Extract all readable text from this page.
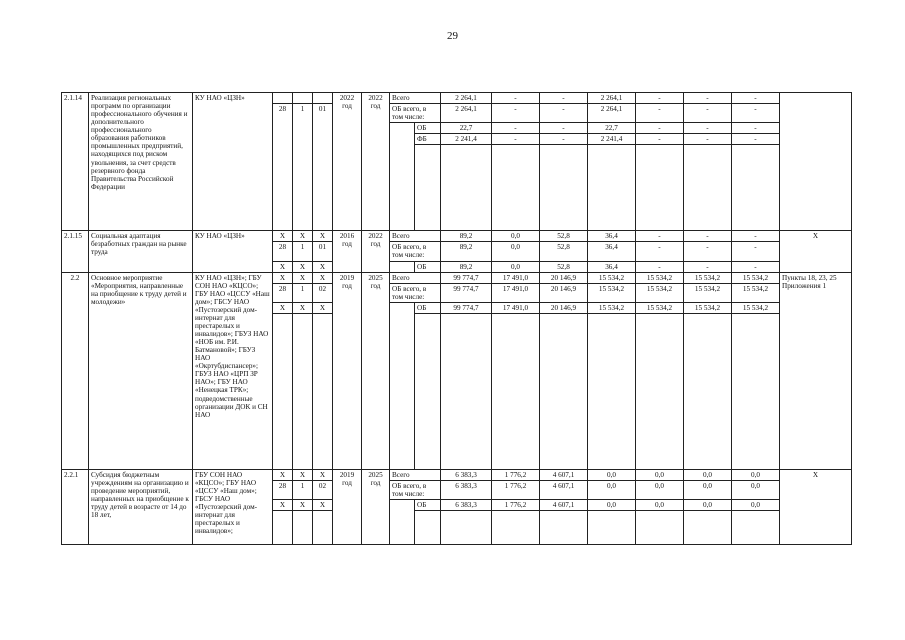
29
2.1.14	Реализация региональных программ по организации профессионального обучения и дополнительного профессионального образования работников промышленных предприятий, находящихся под риском увольнения, за счет средств резервного фонда Правительства Российской Федерации	КУ НАО «ЦЗН»				2022 год	2022 год	Всего		2 264,1	-	-	2 264,1	-	-	-	
			28	1	01			ОБ всего, в том числе:		2 264,1	-	-	2 264,1	-	-	-	
									ОБ	22,7	-	-	22,7	-	-	-	
									ФБ	2 241,4	-	-	2 241,4	-	-	-	

2.1.15	Социальная адаптация безработных граждан на рынке труда	КУ НАО «ЦЗН»	Х	Х	Х	2016 год	2022 год	Всего		89,2	0,0	52,8	36,4	-	-	-	Х
			28	1	01			ОБ всего, в том числе:		89,2	0,0	52,8	36,4	-	-	-	
			Х	Х	Х				ОБ	89,2	0,0	52,8	36,4	-	-	-	
2.2	Основное мероприятие «Мероприятия, направленные на приобщение к труду детей и молодежи»	КУ НАО «ЦЗН»; ГБУ СОН НАО «КЦСО»; ГБУ НАО «ЦССУ «Наш дом»; ГБСУ НАО «Пустозерский дом-интернат для престарелых и инвалидов»; ГБУЗ НАО «НОБ им. Р.И. Батмановой»; ГБУЗ НАО «Окртубдиспансер»; ГБУЗ НАО «ЦРП ЗР НАО»; ГБУ НАО «Ненецкая ТРК»; подведомственные организации ДОК и СН НАО	Х	Х	Х	2019 год	2025 год	Всего		99 774,7	17 491,0	20 146,9	15 534,2	15 534,2	15 534,2	15 534,2	Пункты 18, 23, 25 Приложения 1
			28	1	02			ОБ всего, в том числе:		99 774,7	17 491,0	20 146,9	15 534,2	15 534,2	15 534,2	15 534,2	
			Х	Х	Х				ОБ	99 774,7	17 491,0	20 146,9	15 534,2	15 534,2	15 534,2	15 534,2	

2.2.1	Субсидия бюджетным учреждениям на организацию и проведение мероприятий, направленных на приобщение к труду детей в возрасте от 14 до 18 лет,	ГБУ СОН НАО «КЦСО»; ГБУ НАО «ЦССУ «Наш дом»; ГБСУ НАО «Пустозерский дом-интернат для престарелых и инвалидов»;	Х	Х	Х	2019 год	2025 год	Всего		6 383,3	1 776,2	4 607,1	0,0	0,0	0,0	0,0	Х
			28	1	02			ОБ всего, в том числе:		6 383,3	1 776,2	4 607,1	0,0	0,0	0,0	0,0	
			Х	Х	Х				ОБ	6 383,3	1 776,2	4 607,1	0,0	0,0	0,0	0,0	
